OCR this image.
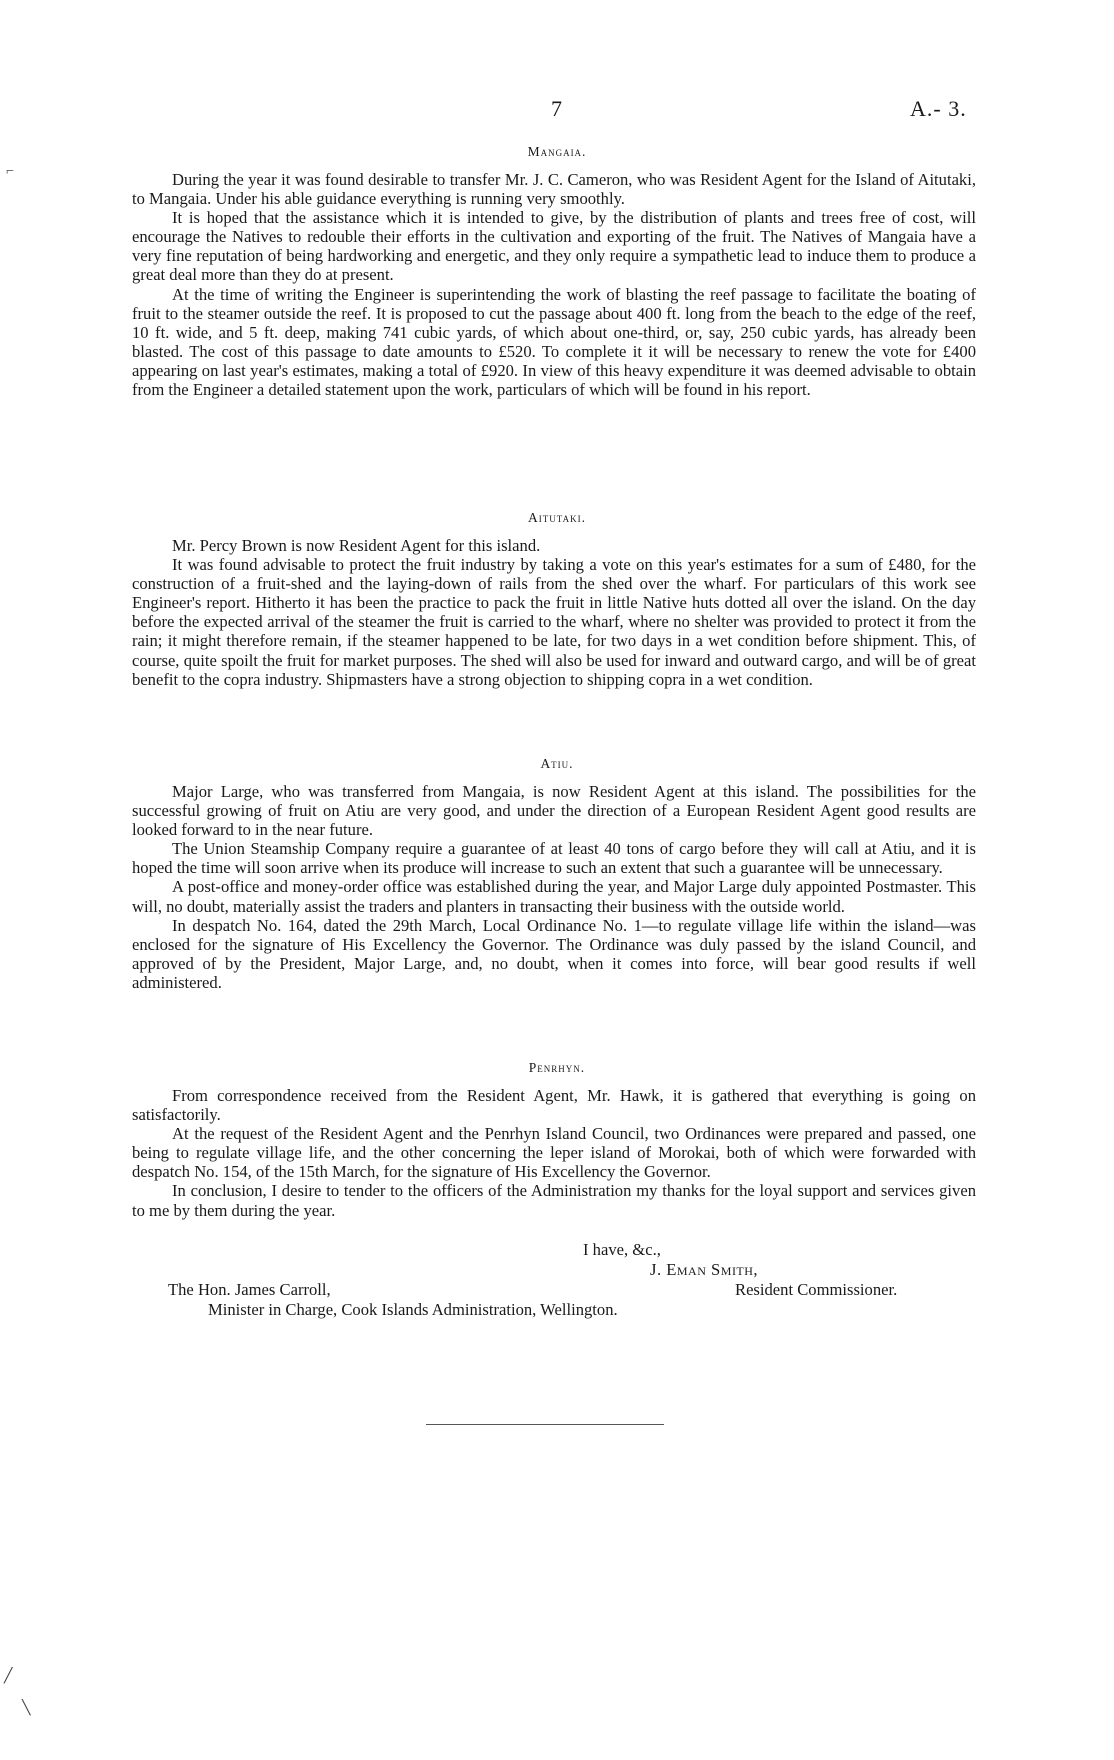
7	A.- 3.
Mangaia.

During the year it was found desirable to transfer Mr. J. C. Cameron, who was Resident Agent for the Island of Aitutaki, to Mangaia. Under his able guidance everything is running very smoothly.

It is hoped that the assistance which it is intended to give, by the distribution of plants and trees free of cost, will encourage the Natives to redouble their efforts in the cultivation and exporting of the fruit. The Natives of Mangaia have a very fine reputation of being hardworking and energetic, and they only require a sympathetic lead to induce them to produce a great deal more than they do at present.

At the time of writing the Engineer is superintending the work of blasting the reef passage to facilitate the boating of fruit to the steamer outside the reef. It is proposed to cut the passage about 400 ft. long from the beach to the edge of the reef, 10 ft. wide, and 5 ft. deep, making 741 cubic yards, of which about one-third, or, say, 250 cubic yards, has already been blasted. The cost of this passage to date amounts to £520. To complete it it will be necessary to renew the vote for £400 appearing on last year's estimates, making a total of £920. In view of this heavy expenditure it was deemed advisable to obtain from the Engineer a detailed statement upon the work, particulars of which will be found in his report.

Aitutaki.

Mr. Percy Brown is now Resident Agent for this island.

It was found advisable to protect the fruit industry by taking a vote on this year's estimates for a sum of £480, for the construction of a fruit-shed and the laying-down of rails from the shed over the wharf. For particulars of this work see Engineer's report. Hitherto it has been the practice to pack the fruit in little Native huts dotted all over the island. On the day before the expected arrival of the steamer the fruit is carried to the wharf, where no shelter was provided to protect it from the rain; it might therefore remain, if the steamer happened to be late, for two days in a wet condition before shipment. This, of course, quite spoilt the fruit for market purposes. The shed will also be used for inward and outward cargo, and will be of great benefit to the copra industry. Shipmasters have a strong objection to shipping copra in a wet condition.

Atiu.

Major Large, who was transferred from Mangaia, is now Resident Agent at this island. The possibilities for the successful growing of fruit on Atiu are very good, and under the direction of a European Resident Agent good results are looked forward to in the near future.

The Union Steamship Company require a guarantee of at least 40 tons of cargo before they will call at Atiu, and it is hoped the time will soon arrive when its produce will increase to such an extent that such a guarantee will be unnecessary.

A post-office and money-order office was established during the year, and Major Large duly appointed Postmaster. This will, no doubt, materially assist the traders and planters in transacting their business with the outside world.

In despatch No. 164, dated the 29th March, Local Ordinance No. 1—to regulate village life within the island—was enclosed for the signature of His Excellency the Governor. The Ordinance was duly passed by the island Council, and approved of by the President, Major Large, and, no doubt, when it comes into force, will bear good results if well administered.

Penrhyn.

From correspondence received from the Resident Agent, Mr. Hawk, it is gathered that everything is going on satisfactorily.

At the request of the Resident Agent and the Penrhyn Island Council, two Ordinances were prepared and passed, one being to regulate village life, and the other concerning the leper island of Morokai, both of which were forwarded with despatch No. 154, of the 15th March, for the signature of His Excellency the Governor.

In conclusion, I desire to tender to the officers of the Administration my thanks for the loyal support and services given to me by them during the year.

I have, &c.,
J. Eman Smith,
Resident Commissioner.
The Hon. James Carroll,
Minister in Charge, Cook Islands Administration, Wellington.
⌐
╱
╲
